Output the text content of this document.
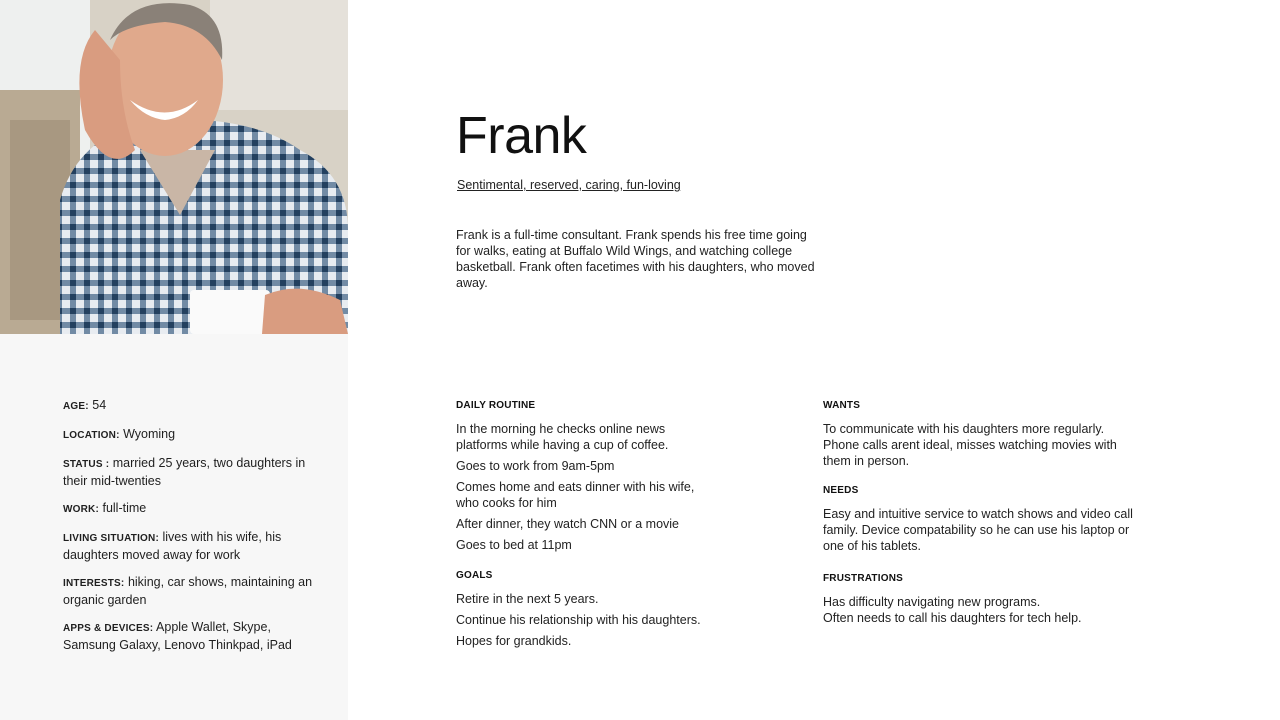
AGE: 54
LOCATION: Wyoming
STATUS : married 25 years, two daughters in their mid-twenties
WORK: full-time
LIVING SITUATION: lives with his wife, his daughters moved away for work
INTERESTS: hiking, car shows, maintaining an organic garden
APPS & DEVICES: Apple Wallet, Skype, Samsung Galaxy, Lenovo Thinkpad, iPad
Frank
Sentimental, reserved, caring, fun-loving

Frank is a full-time consultant. Frank spends his free time going for walks, eating at Buffalo Wild Wings, and watching college basketball. Frank often facetimes with his daughters, who moved away.

DAILY ROUTINE

In the morning he checks online news platforms while having a cup of coffee.

Goes to work from 9am-5pm

Comes home and eats dinner with his wife, who cooks for him

After dinner, they watch CNN or a movie

Goes to bed at 11pm

GOALS

Retire in the next 5 years.

Continue his relationship with his daughters.

Hopes for grandkids.

WANTS

To communicate with his daughters more regularly. Phone calls arent ideal, misses watching movies with them in person.

NEEDS

Easy and intuitive service to watch shows and video call family. Device compatability so he can use his laptop or one of his tablets.

FRUSTRATIONS

Has difficulty navigating new programs.

Often needs to call his daughters for tech help.
